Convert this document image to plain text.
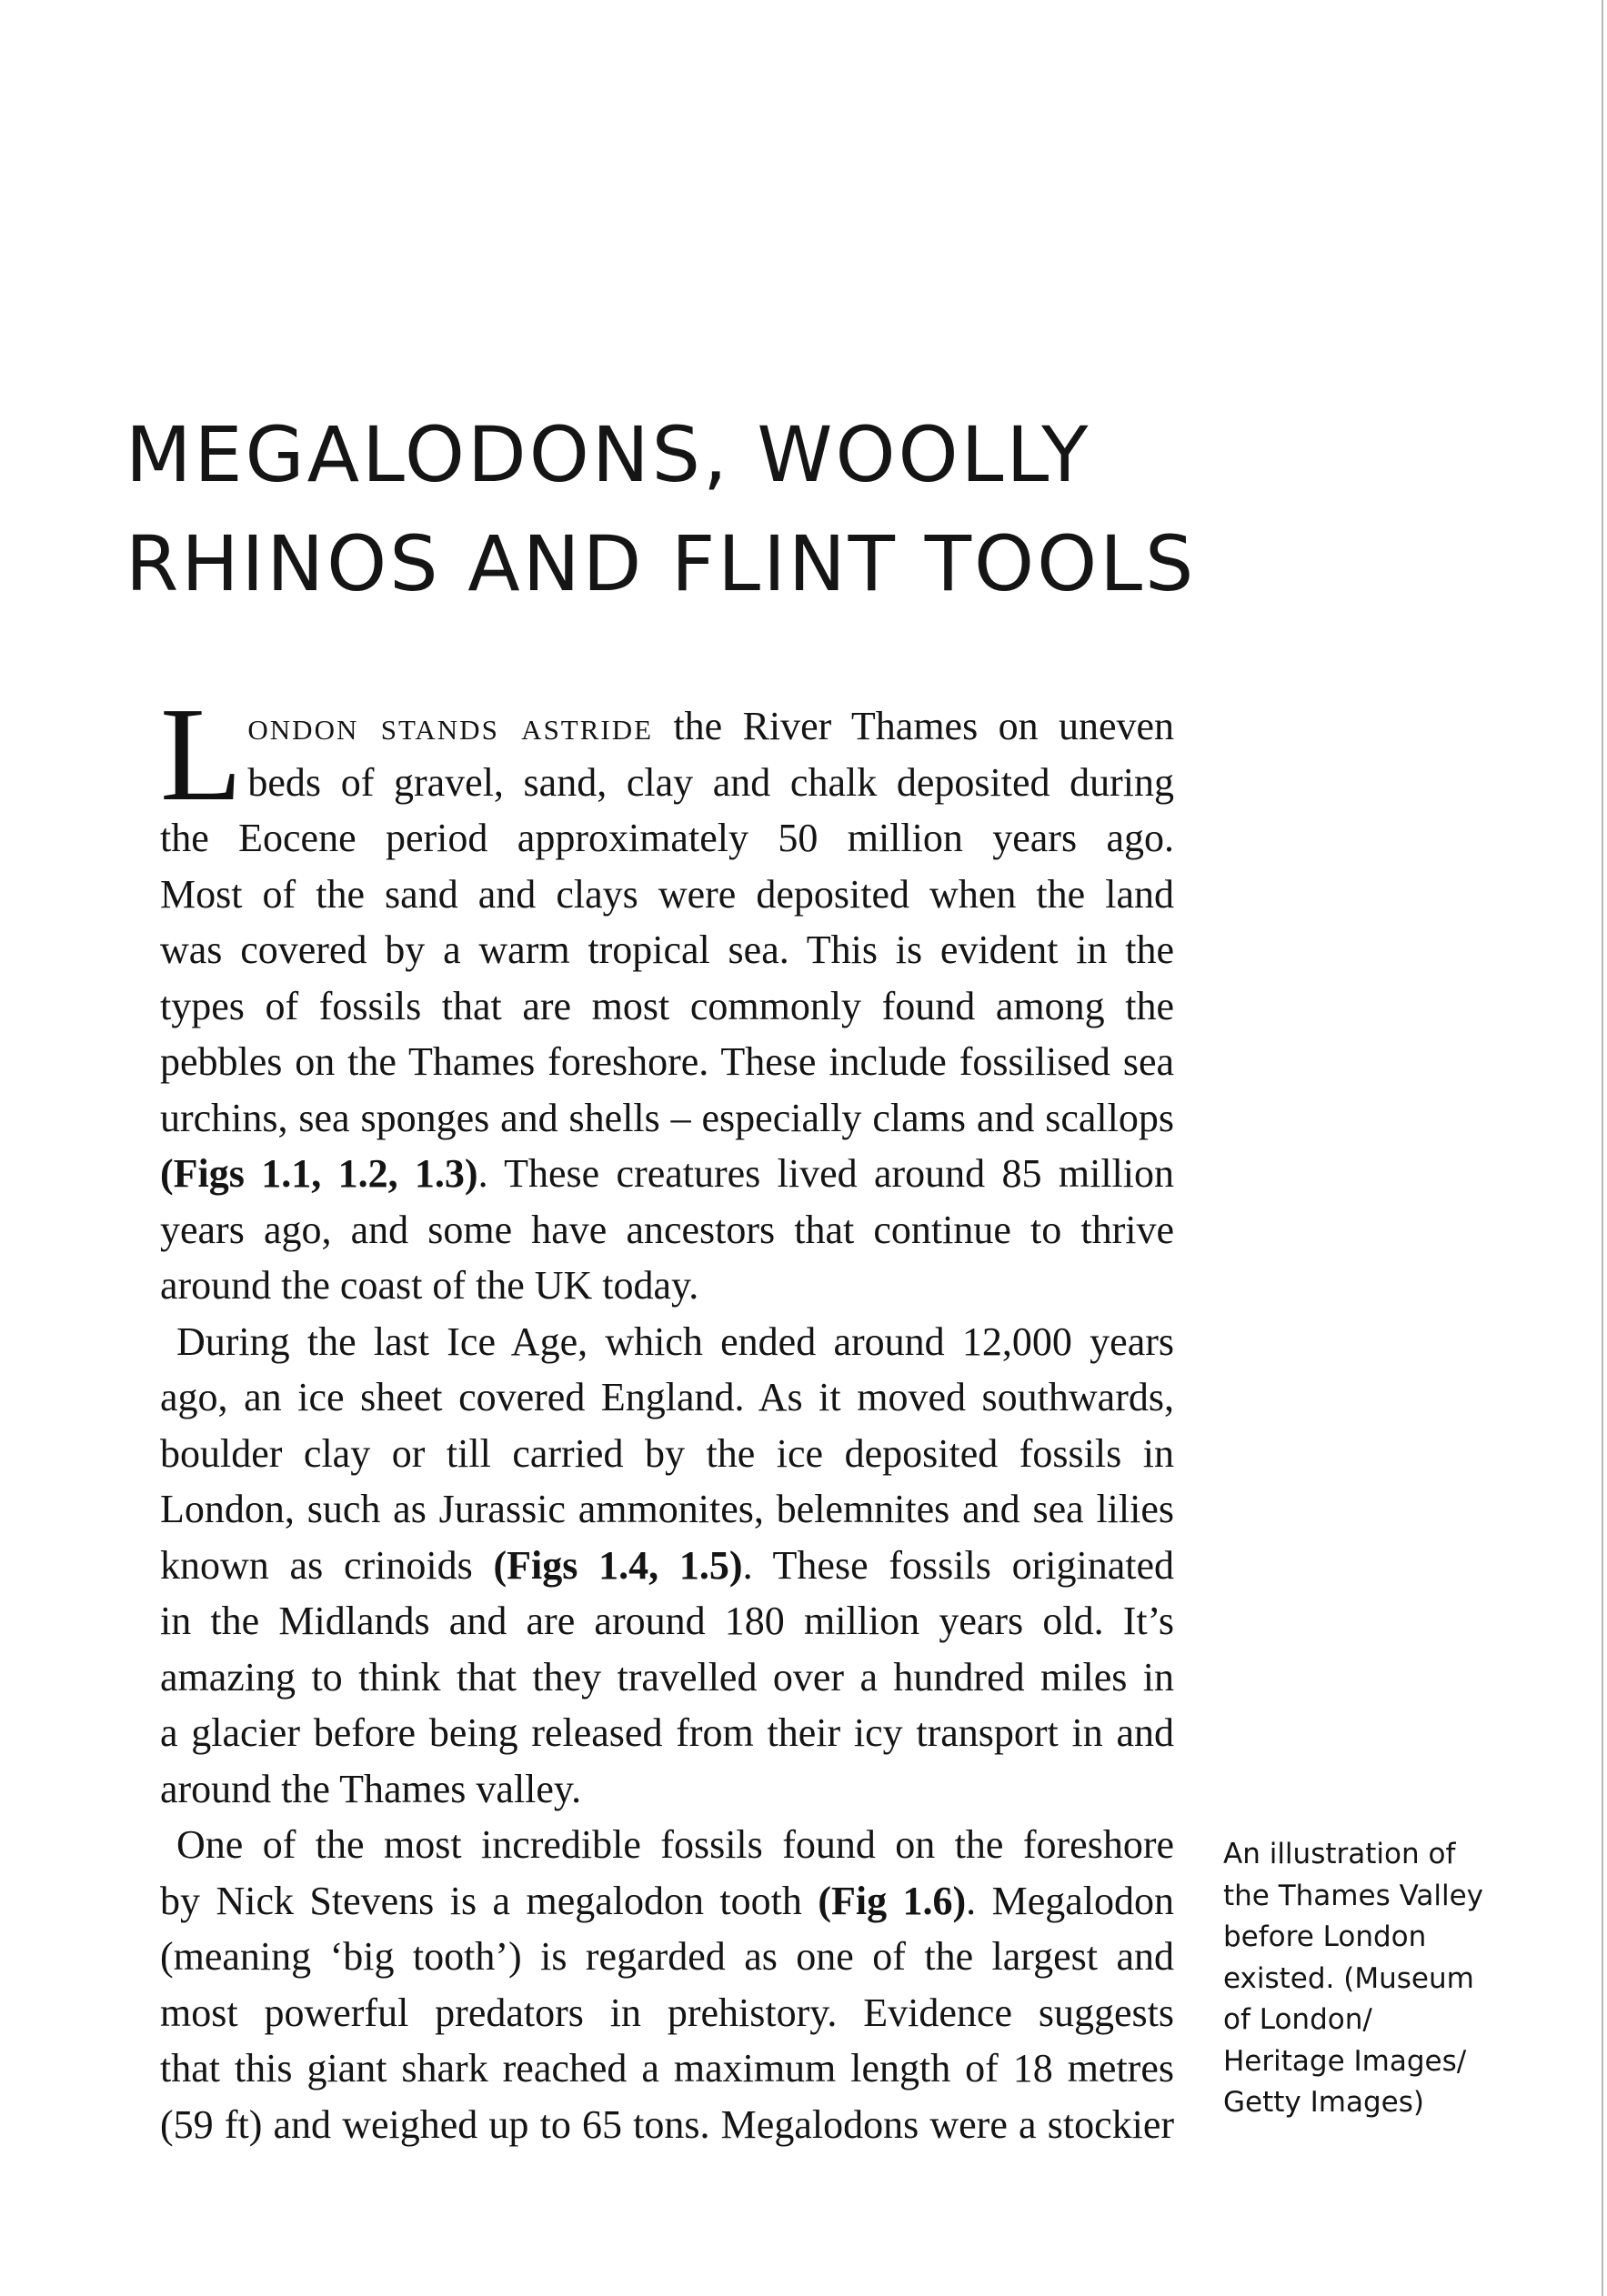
MEGALODONS, WOOLLY
RHINOS AND FLINT TOOLS
L ondon stands astride the River Thames on uneven
beds of gravel, sand, clay and chalk deposited during
the Eocene period approximately 50 million years ago.
Most of the sand and clays were deposited when the land
was covered by a warm tropical sea. This is evident in the
types of fossils that are most commonly found among the
pebbles on the Thames foreshore. These include fossilised sea
urchins, sea sponges and shells – especially clams and scallops
(Figs 1.1, 1.2, 1.3). These creatures lived around 85 million
years ago, and some have ancestors that continue to thrive
around the coast of the UK today.
During the last Ice Age, which ended around 12,000 years
ago, an ice sheet covered England. As it moved southwards,
boulder clay or till carried by the ice deposited fossils in
London, such as Jurassic ammonites, belemnites and sea lilies
known as crinoids (Figs 1.4, 1.5). These fossils originated
in the Midlands and are around 180 million years old. It’s
amazing to think that they travelled over a hundred miles in
a glacier before being released from their icy transport in and
around the Thames valley.
One of the most incredible fossils found on the foreshore
by Nick Stevens is a megalodon tooth (Fig 1.6). Megalodon
(meaning ‘big tooth’) is regarded as one of the largest and
most powerful predators in prehistory. Evidence suggests
that this giant shark reached a maximum length of 18 metres
(59 ft) and weighed up to 65 tons. Megalodons were a stockier
An illustration of
the Thames Valley
before London
existed. (Museum
of London/
Heritage Images/
Getty Images)
